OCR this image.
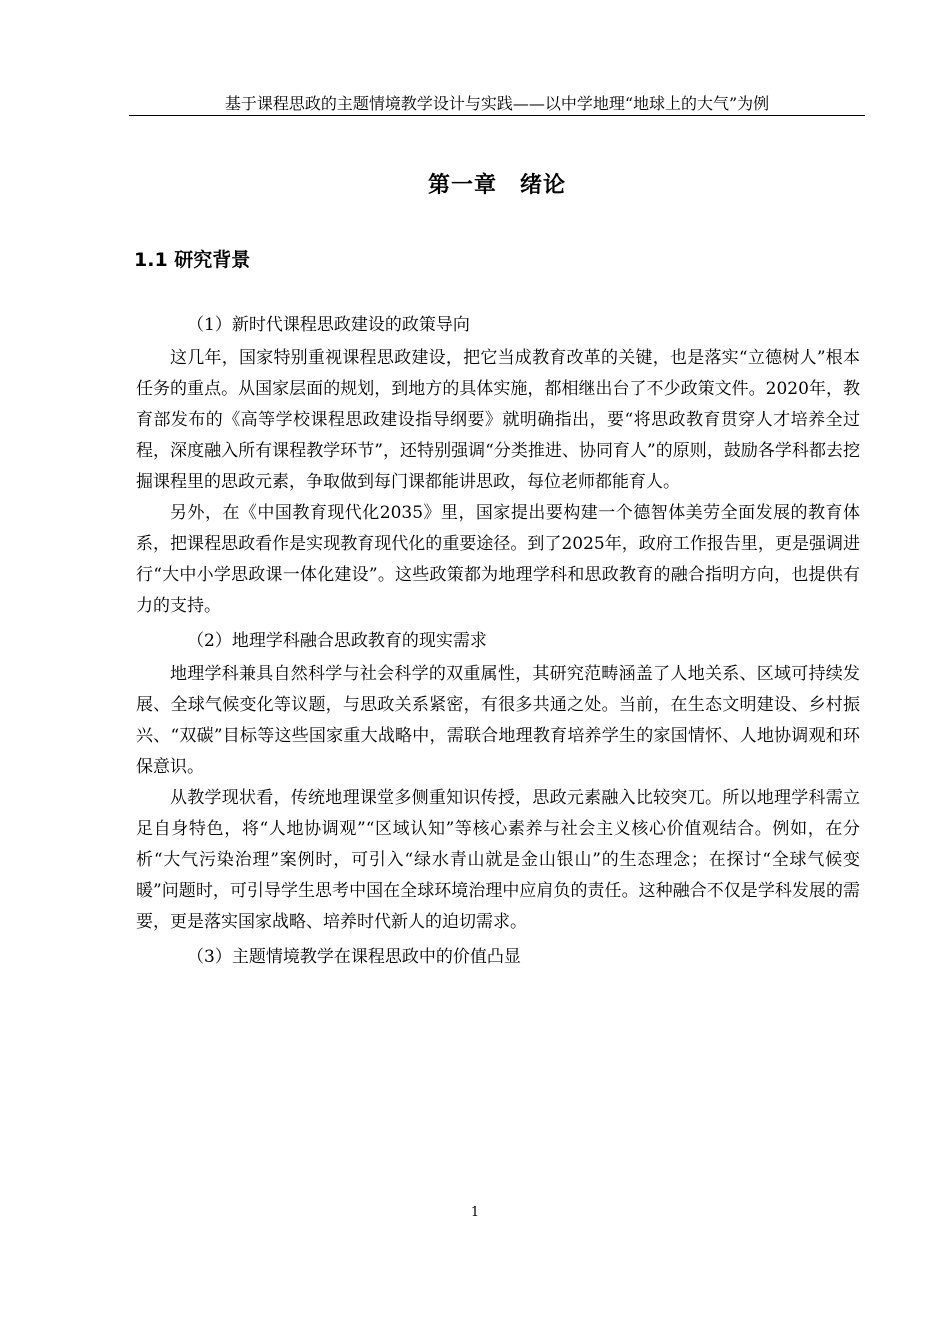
基于课程思政的主题情境教学设计与实践——以中学地理“地球上的大气”为例
第一章　绪论
1.1 研究背景

（1）新时代课程思政建设的政策导向

这几年，国家特别重视课程思政建设，把它当成教育改革的关键，也是落实“立德树人”根本任务的重点。从国家层面的规划，到地方的具体实施，都相继出台了不少政策文件。2020年，教育部发布的《高等学校课程思政建设指导纲要》就明确指出，要“将思政教育贯穿人才培养全过程，深度融入所有课程教学环节”，还特别强调“分类推进、协同育人”的原则，鼓励各学科都去挖掘课程里的思政元素，争取做到每门课都能讲思政，每位老师都能育人。

另外，在《中国教育现代化2035》里，国家提出要构建一个德智体美劳全面发展的教育体系，把课程思政看作是实现教育现代化的重要途径。到了2025年，政府工作报告里，更是强调进行“大中小学思政课一体化建设”。这些政策都为地理学科和思政教育的融合指明方向，也提供有力的支持。

（2）地理学科融合思政教育的现实需求

地理学科兼具自然科学与社会科学的双重属性，其研究范畴涵盖了人地关系、区域可持续发展、全球气候变化等议题，与思政关系紧密，有很多共通之处。当前，在生态文明建设、乡村振兴、“双碳”目标等这些国家重大战略中，需联合地理教育培养学生的家国情怀、人地协调观和环保意识。

从教学现状看，传统地理课堂多侧重知识传授，思政元素融入比较突兀。所以地理学科需立足自身特色，将“人地协调观”“区域认知”等核心素养与社会主义核心价值观结合。例如，在分析“大气污染治理”案例时，可引入“绿水青山就是金山银山”的生态理念；在探讨“全球气候变暖”问题时，可引导学生思考中国在全球环境治理中应肩负的责任。这种融合不仅是学科发展的需要，更是落实国家战略、培养时代新人的迫切需求。

（3）主题情境教学在课程思政中的价值凸显

1
